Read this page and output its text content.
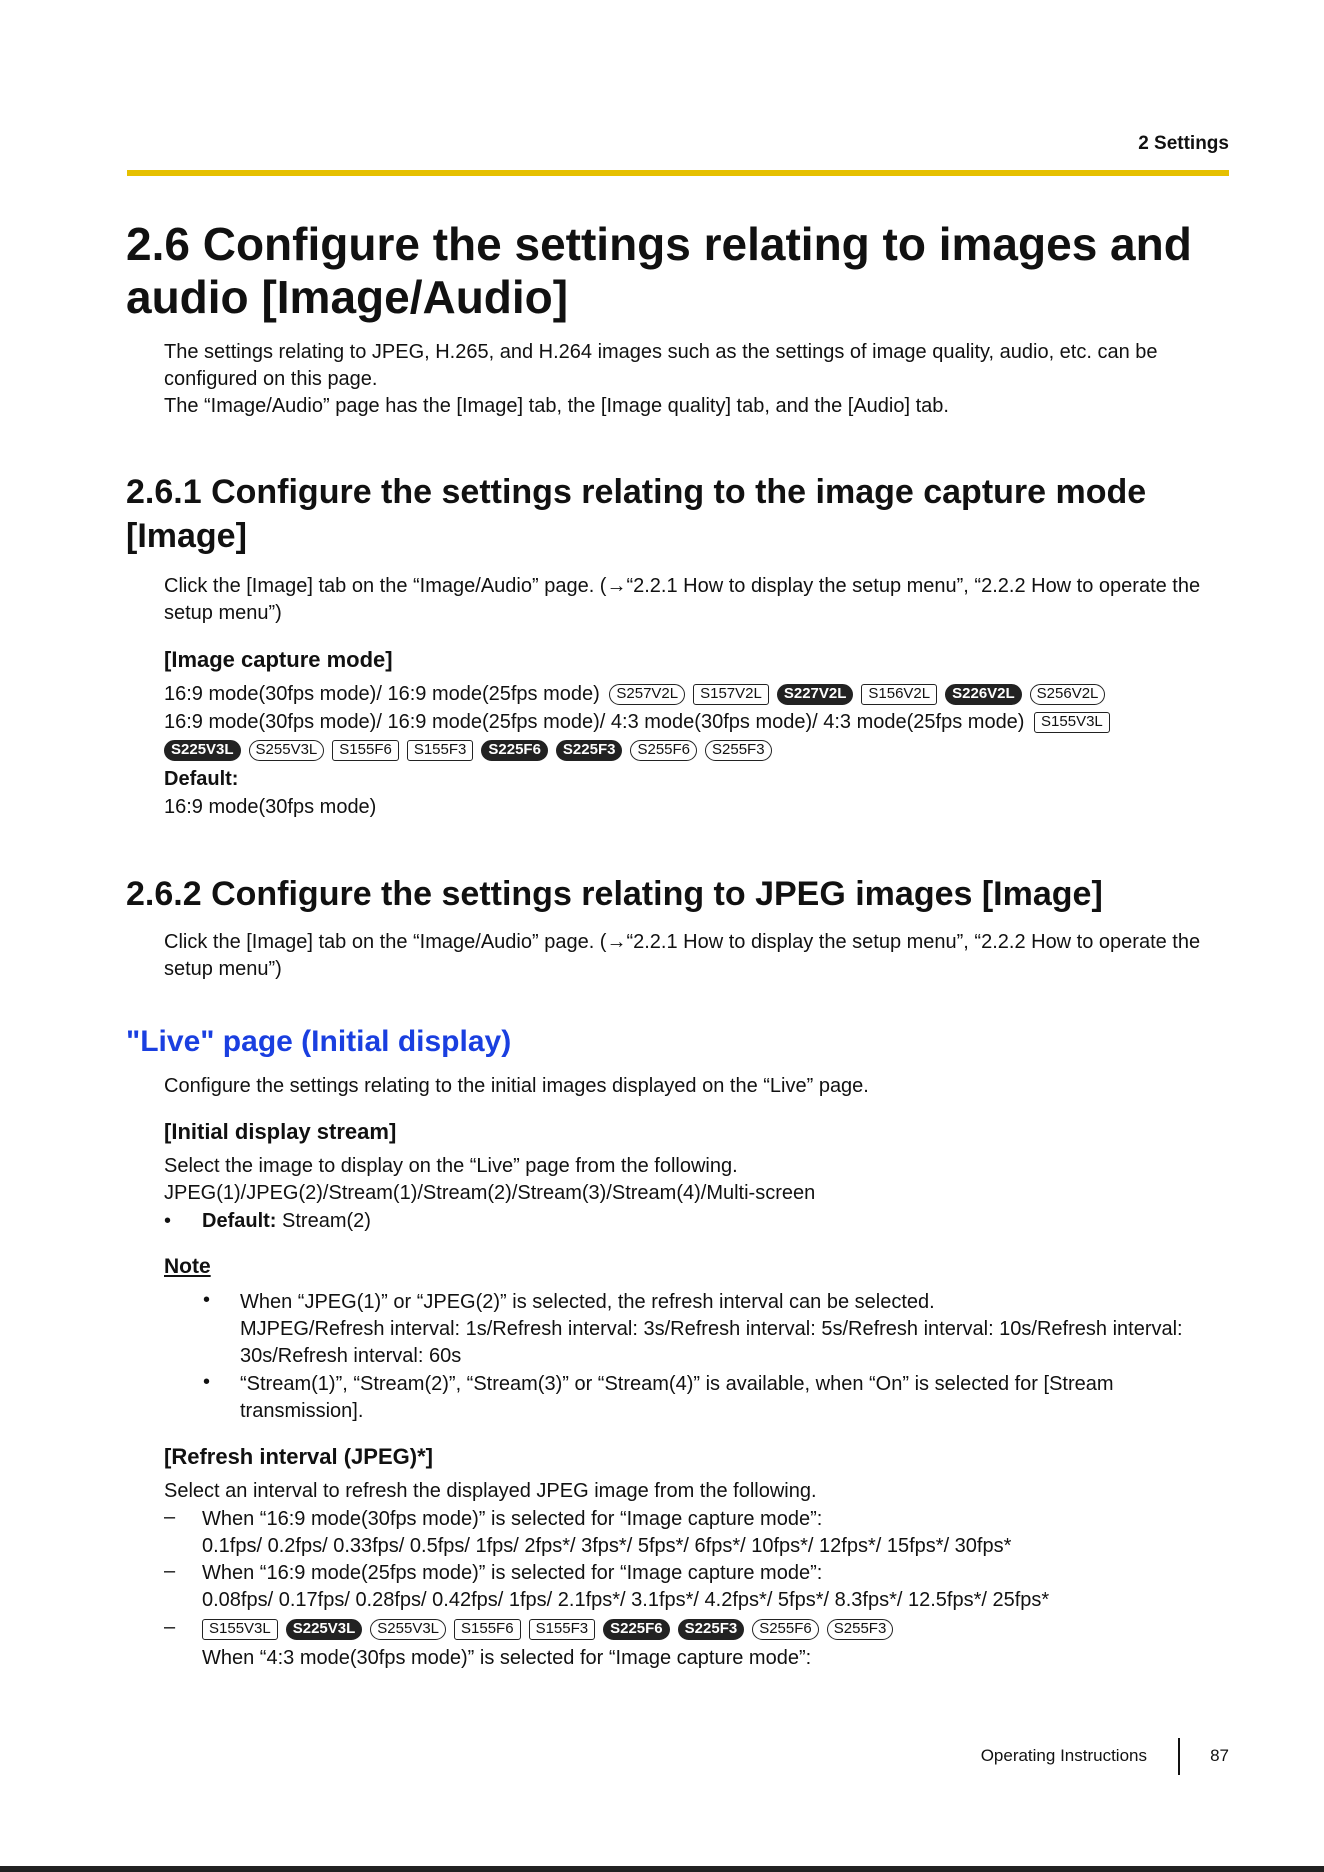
2 Settings
2.6 Configure the settings relating to images and audio [Image/Audio]
The settings relating to JPEG, H.265, and H.264 images such as the settings of image quality, audio, etc. can be configured on this page.
The “Image/Audio” page has the [Image] tab, the [Image quality] tab, and the [Audio] tab.
2.6.1 Configure the settings relating to the image capture mode [Image]
Click the [Image] tab on the “Image/Audio” page. (→“2.2.1 How to display the setup menu”, “2.2.2 How to operate the setup menu”)
[Image capture mode]
16:9 mode(30fps mode)/ 16:9 mode(25fps mode) S257V2L S157V2L S227V2L S156V2L S226V2L S256V2L
16:9 mode(30fps mode)/ 16:9 mode(25fps mode)/ 4:3 mode(30fps mode)/ 4:3 mode(25fps mode) S155V3L
S225V3L S255V3L S155F6 S155F3 S225F6 S225F3 S255F6 S255F3
Default:
16:9 mode(30fps mode)
2.6.2 Configure the settings relating to JPEG images [Image]
Click the [Image] tab on the “Image/Audio” page. (→“2.2.1 How to display the setup menu”, “2.2.2 How to operate the setup menu”)
"Live" page (Initial display)
Configure the settings relating to the initial images displayed on the “Live” page.
[Initial display stream]
Select the image to display on the “Live” page from the following.
JPEG(1)/JPEG(2)/Stream(1)/Stream(2)/Stream(3)/Stream(4)/Multi-screen
• Default: Stream(2)
Note
• When “JPEG(1)” or “JPEG(2)” is selected, the refresh interval can be selected.
MJPEG/Refresh interval: 1s/Refresh interval: 3s/Refresh interval: 5s/Refresh interval: 10s/Refresh interval: 30s/Refresh interval: 60s
• “Stream(1)”, “Stream(2)”, “Stream(3)” or “Stream(4)” is available, when “On” is selected for [Stream transmission].
[Refresh interval (JPEG)*]
Select an interval to refresh the displayed JPEG image from the following.
– When “16:9 mode(30fps mode)” is selected for “Image capture mode”:
0.1fps/ 0.2fps/ 0.33fps/ 0.5fps/ 1fps/ 2fps*/ 3fps*/ 5fps*/ 6fps*/ 10fps*/ 12fps*/ 15fps*/ 30fps*
– When “16:9 mode(25fps mode)” is selected for “Image capture mode”:
0.08fps/ 0.17fps/ 0.28fps/ 0.42fps/ 1fps/ 2.1fps*/ 3.1fps*/ 4.2fps*/ 5fps*/ 8.3fps*/ 12.5fps*/ 25fps*
–	S155V3L S225V3L S255V3L S155F6 S155F3 S225F6 S225F3 S255F6 S255F3
When “4:3 mode(30fps mode)” is selected for “Image capture mode”:
Operating Instructions	87
